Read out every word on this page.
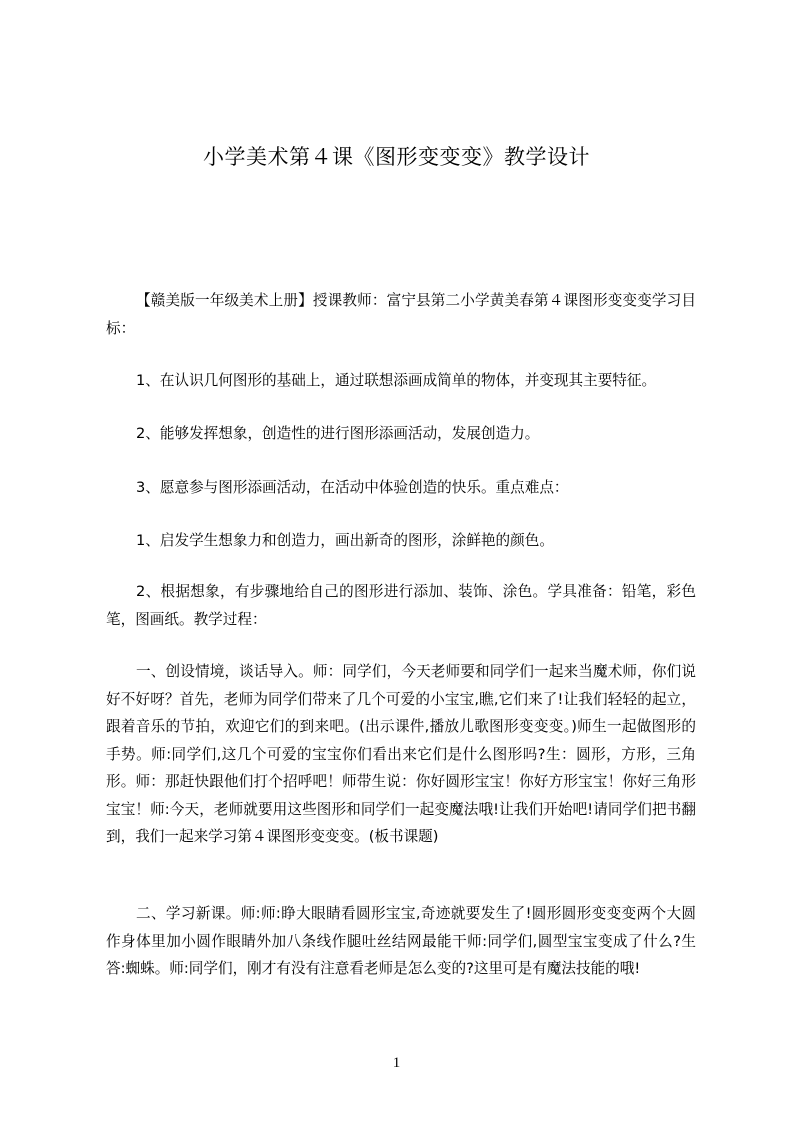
小学美术第４课《图形变变变》教学设计

【赣美版一年级美术上册】授课教师：富宁县第二小学黄美春第４课图形变变变学习目标：

1、在认识几何图形的基础上，通过联想添画成简单的物体，并变现其主要特征。

2、能够发挥想象，创造性的进行图形添画活动，发展创造力。

3、愿意参与图形添画活动，在活动中体验创造的快乐。重点难点：

1、启发学生想象力和创造力，画出新奇的图形，涂鲜艳的颜色。

2、根据想象，有步骤地给自己的图形进行添加、装饰、涂色。学具准备：铅笔，彩色笔，图画纸。教学过程：

一、创设情境，谈话导入。师：同学们，今天老师要和同学们一起来当魔术师，你们说好不好呀？首先，老师为同学们带来了几个可爱的小宝宝,瞧,它们来了!让我们轻轻的起立，跟着音乐的节拍，欢迎它们的到来吧。(出示课件,播放儿歌图形变变变。)师生一起做图形的手势。师:同学们,这几个可爱的宝宝你们看出来它们是什么图形吗?生：圆形，方形，三角形。师：那赶快跟他们打个招呼吧！师带生说：你好圆形宝宝！你好方形宝宝！你好三角形宝宝！师:今天，老师就要用这些图形和同学们一起变魔法哦!让我们开始吧!请同学们把书翻到，我们一起来学习第４课图形变变变。(板书课题)

二、学习新课。师:师:睁大眼睛看圆形宝宝,奇迹就要发生了!圆形圆形变变变两个大圆作身体里加小圆作眼睛外加八条线作腿吐丝结网最能干师:同学们,圆型宝宝变成了什么?生答:蜘蛛。师:同学们，刚才有没有注意看老师是怎么变的?这里可是有魔法技能的哦!

1
